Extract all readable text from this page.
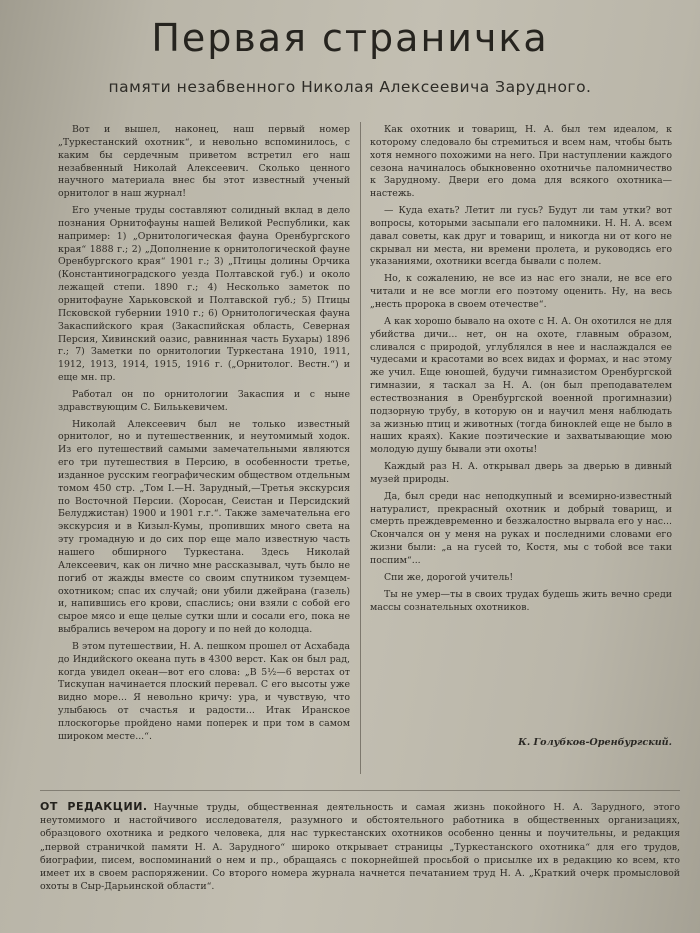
Первая страничка
памяти незабвенного Николая Алексеевича Зарудного.

Вот и вышел, наконец, наш первый номер „Туркестанский охотник“, и невольно вспоминилось, с каким бы сердечным приветом встретил его наш незабвенный Николай Алексеевич. Сколько ценного научного материала внес бы этот известный ученый орнитолог в наш журнал!

Его ученые труды составляют солидный вклад в дело познания Орнитофауны нашей Великой Республики, как например: 1) „Орнитологическая фауна Оренбургского края“ 1888 г.; 2) „Дополнение к орнитологической фауне Оренбургского края“ 1901 г.; 3) „Птицы долины Орчика (Константиноградского уезда Полтавской губ.) и около лежащей степи. 1890 г.; 4) Несколько заметок по орнитофауне Харьковской и Полтавской губ.; 5) Птицы Псковской губернии 1910 г.; 6) Орнитологическая фауна Закаспийского края (Закаспийская область, Северная Персия, Хивинский оазис, равнинная часть Бухары) 1896 г.; 7) Заметки по орнитологии Туркестана 1910, 1911, 1912, 1913, 1914, 1915, 1916 г. („Орнитолог. Вестн.“) и еще мн. пр.

Работал он по орнитологии Закаспия и с ныне здравствующим С. Бильькевичем.

Николай Алексеевич был не только известный орнитолог, но и путешественник, и неутомимый ходок. Из его путешествий самыми замечательными являются его три путешествия в Персию, в особенности третье, изданное русским географическим обществом отдельным томом 450 стр. „Том I.—Н. Зарудный,—Третья экскурсия по Восточной Персии. (Хоросан, Сеистан и Персидский Белуджистан) 1900 и 1901 г.г.“. Также замечательна его экскурсия и в Кизыл-Кумы, пропивших много света на эту громадную и до сих пор еще мало известную часть нашего обширного Туркестана. Здесь Николай Алексеевич, как он лично мне рассказывал, чуть было не погиб от жажды вместе со своим спутником туземцем-охотником; спас их случай; они убили джейрана (газель) и, напившись его крови, спаслись; они взяли с собой его сырое мясо и еще целые сутки шли и сосали его, пока не выбрались вечером на дорогу и по ней до колодца.

В этом путешествии, Н. А. пешком прошел от Асхабада до Индийского океана путь в 4300 верст. Как он был рад, когда увидел океан—вот его слова: „В 5½—6 верстах от Тискупан начинается плоский перевал. С его высоты уже видно море... Я невольно кричу: ура, и чувствую, что улыбаюсь от счастья и радости... Итак Иранское плоскогорье пройдено нами поперек и при том в самом широком месте...“.

Как охотник и товарищ, Н. А. был тем идеалом, к которому следовало бы стремиться и всем нам, чтобы быть хотя немного похожими на него. При наступлении каждого сезона начиналось обыкновенно охотничье паломничество к Зарудному. Двери его дома для всякого охотника—настежь.

— Куда ехать? Летит ли гусь? Будут ли там утки? вот вопросы, которыми засыпали его паломники. Н. Н. А. всем давал советы, как друг и товарищ, и никогда ни от кого не скрывал ни места, ни времени пролета, и руководясь его указаниями, охотники всегда бывали с полем.

Но, к сожалению, не все из нас его знали, не все его читали и не все могли его поэтому оценить. Ну, на весь „несть пророка в своем отечестве“.

А как хорошо бывало на охоте с Н. А. Он охотился не для убийства дичи... нет, он на охоте, главным образом, сливался с природой, углублялся в нее и наслаждался ее чудесами и красотами во всех видах и формах, и нас этому же учил. Еще юношей, будучи гимназистом Оренбургской гимназии, я таскал за Н. А. (он был преподавателем естествознания в Оренбургской военной прогимназии) подзорную трубу, в которую он и научил меня наблюдать за жизнью птиц и животных (тогда биноклей еще не было в наших краях). Какие поэтические и захватывающие мою молодую душу бывали эти охоты!

Каждый раз Н. А. открывал дверь за дверью в дивный музей природы.

Да, был среди нас неподкупный и всемирно-известный натуралист, прекрасный охотник и добрый товарищ, и смерть преждевременно и безжалостно вырвала его у нас... Скончался он у меня на руках и последними словами его жизни были: „а на гусей то, Костя, мы с тобой все таки поспим“...

Спи же, дорогой учитель!

Ты не умер—ты в своих трудах будешь жить вечно среди массы сознательных охотников.

К. Голубков-Оренбургский.
ОТ РЕДАКЦИИ. Научные труды, общественная деятельность и самая жизнь покойного Н. А. Зарудного, этого неутомимого и настойчивого исследователя, разумного и обстоятельного работника в общественных организациях, образцового охотника и редкого человека, для нас туркестанских охотников особенно ценны и поучительны, и редакция „первой страничкой памяти Н. А. Зарудного“ широко открывает страницы „Туркестанского охотника“ для его трудов, биографии, писем, воспоминаний о нем и пр., обращаясь с покорнейшей просьбой о присылке их в редакцию ко всем, кто имеет их в своем распоряжении. Со второго номера журнала начнется печатанием труд Н. А. „Краткий очерк промысловой охоты в Сыр-Дарьинской области“.
